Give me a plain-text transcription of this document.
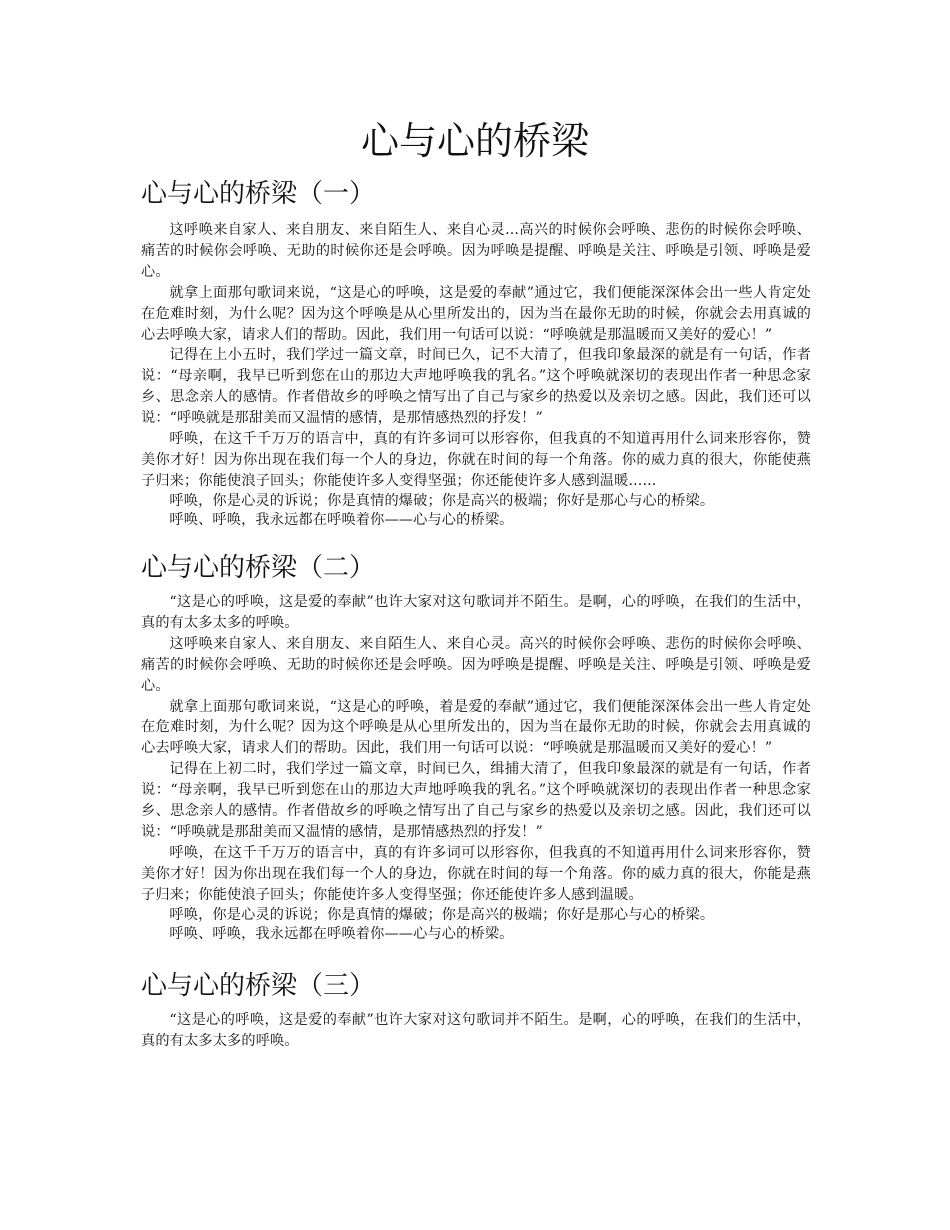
心与心的桥梁
心与心的桥梁（一）

这呼唤来自家人、来自朋友、来自陌生人、来自心灵...高兴的时候你会呼唤、悲伤的时候你会呼唤、痛苦的时候你会呼唤、无助的时候你还是会呼唤。因为呼唤是提醒、呼唤是关注、呼唤是引领、呼唤是爱心。

就拿上面那句歌词来说，“这是心的呼唤，这是爱的奉献”通过它，我们便能深深体会出一些人肯定处在危难时刻，为什么呢？因为这个呼唤是从心里所发出的，因为当在最你无助的时候，你就会去用真诚的心去呼唤大家，请求人们的帮助。因此，我们用一句话可以说：“呼唤就是那温暖而又美好的爱心！”

记得在上小五时，我们学过一篇文章，时间已久，记不大清了，但我印象最深的就是有一句话，作者说：“母亲啊，我早已听到您在山的那边大声地呼唤我的乳名。”这个呼唤就深切的表现出作者一种思念家乡、思念亲人的感情。作者借故乡的呼唤之情写出了自己与家乡的热爱以及亲切之感。因此，我们还可以说：“呼唤就是那甜美而又温情的感情，是那情感热烈的抒发！”

呼唤，在这千千万万的语言中，真的有许多词可以形容你，但我真的不知道再用什么词来形容你，赞美你才好！因为你出现在我们每一个人的身边，你就在时间的每一个角落。你的威力真的很大，你能使燕子归来；你能使浪子回头；你能使许多人变得坚强；你还能使许多人感到温暖......

呼唤，你是心灵的诉说；你是真情的爆破；你是高兴的极端；你好是那心与心的桥梁。

呼唤、呼唤，我永远都在呼唤着你——心与心的桥梁。

心与心的桥梁（二）

“这是心的呼唤，这是爱的奉献”也许大家对这句歌词并不陌生。是啊，心的呼唤，在我们的生活中，真的有太多太多的呼唤。

这呼唤来自家人、来自朋友、来自陌生人、来自心灵。高兴的时候你会呼唤、悲伤的时候你会呼唤、痛苦的时候你会呼唤、无助的时候你还是会呼唤。因为呼唤是提醒、呼唤是关注、呼唤是引领、呼唤是爱心。

就拿上面那句歌词来说，“这是心的呼唤，着是爱的奉献”通过它，我们便能深深体会出一些人肯定处在危难时刻，为什么呢？因为这个呼唤是从心里所发出的，因为当在最你无助的时候，你就会去用真诚的心去呼唤大家，请求人们的帮助。因此，我们用一句话可以说：“呼唤就是那温暖而又美好的爱心！”

记得在上初二时，我们学过一篇文章，时间已久，缉捕大清了，但我印象最深的就是有一句话，作者说：“母亲啊，我早已听到您在山的那边大声地呼唤我的乳名。”这个呼唤就深切的表现出作者一种思念家乡、思念亲人的感情。作者借故乡的呼唤之情写出了自己与家乡的热爱以及亲切之感。因此，我们还可以说：“呼唤就是那甜美而又温情的感情，是那情感热烈的抒发！”

呼唤，在这千千万万的语言中，真的有许多词可以形容你，但我真的不知道再用什么词来形容你，赞美你才好！因为你出现在我们每一个人的身边，你就在时间的每一个角落。你的威力真的很大，你能是燕子归来；你能使浪子回头；你能使许多人变得坚强；你还能使许多人感到温暖。

呼唤，你是心灵的诉说；你是真情的爆破；你是高兴的极端；你好是那心与心的桥梁。

呼唤、呼唤，我永远都在呼唤着你——心与心的桥梁。

心与心的桥梁（三）

“这是心的呼唤，这是爱的奉献”也许大家对这句歌词并不陌生。是啊，心的呼唤，在我们的生活中，真的有太多太多的呼唤。
